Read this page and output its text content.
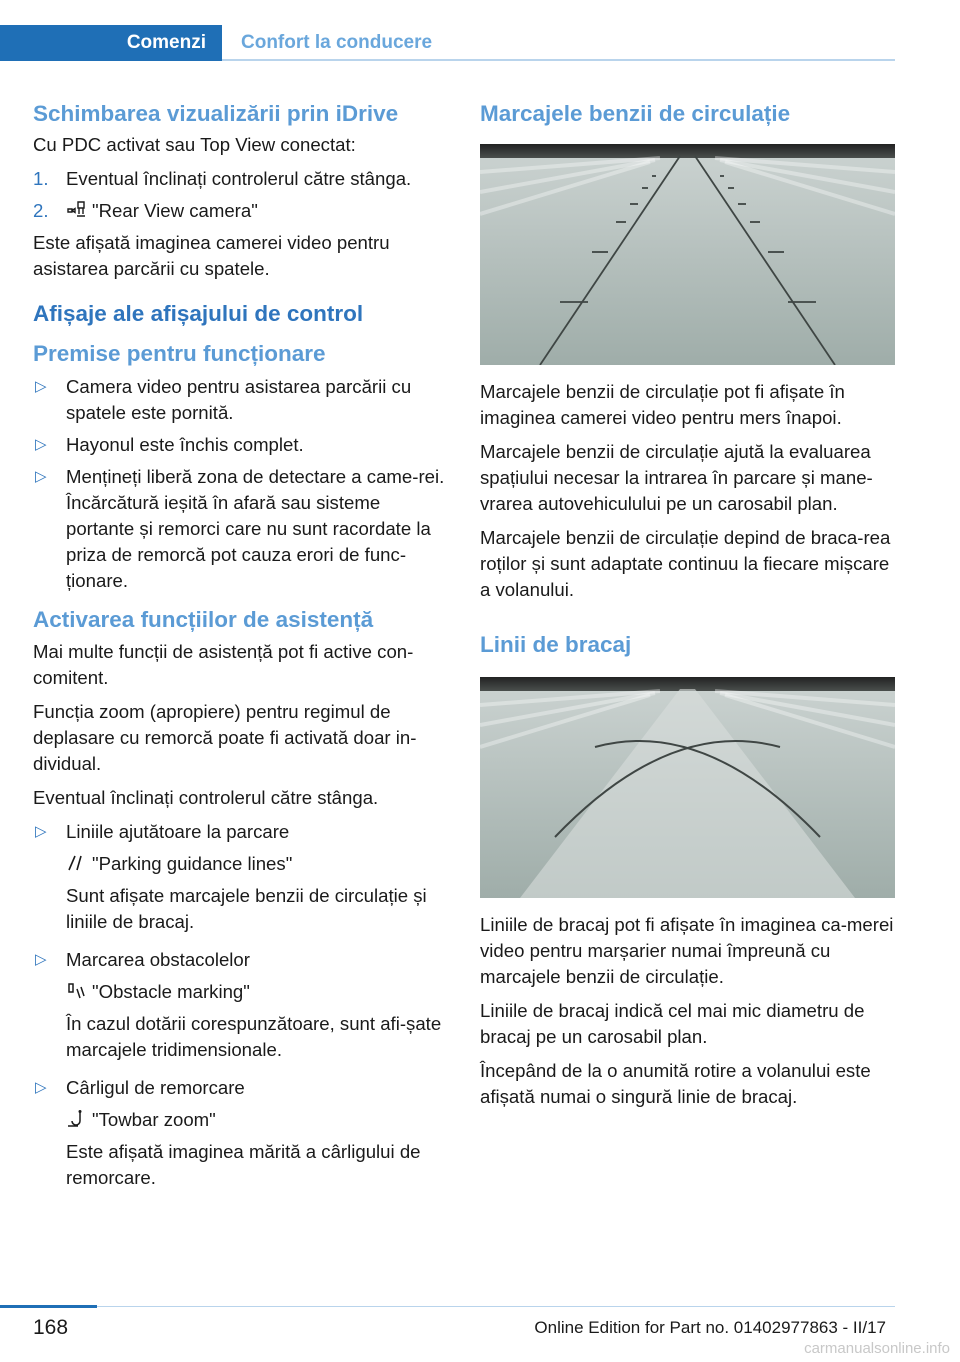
Comenzi	Confort la conducere
Schimbarea vizualizării prin iDrive

Cu PDC activat sau Top View conectat:

1. Eventual înclinați controlerul către stânga.
2. "Rear View camera"

Este afișată imaginea camerei video pentru asistarea parcării cu spatele.

Afișaje ale afișajului de control
Premise pentru funcționare
▷ Camera video pentru asistarea parcării cu spatele este pornită.
▷ Hayonul este închis complet.
▷ Mențineți liberă zona de detectare a came-rei. Încărcătură ieșită în afară sau sisteme portante și remorci care nu sunt racordate la priza de remorcă pot cauza erori de func-ționare.
Activarea funcțiilor de asistență

Mai multe funcții de asistență pot fi active con-comitent.

Funcția zoom (apropiere) pentru regimul de deplasare cu remorcă poate fi activată doar in-dividual.

Eventual înclinați controlerul către stânga.

▷ Liniile ajutătoare la parcare
"Parking guidance lines"
Sunt afișate marcajele benzii de circulație și liniile de bracaj.
▷ Marcarea obstacolelor
"Obstacle marking"
În cazul dotării corespunzătoare, sunt afi-șate marcajele tridimensionale.
▷ Cârligul de remorcare
"Towbar zoom"
Este afișată imaginea mărită a cârligului de remorcare.
Marcajele benzii de circulație

Marcajele benzii de circulație pot fi afișate în imaginea camerei video pentru mers înapoi.

Marcajele benzii de circulație ajută la evaluarea spațiului necesar la intrarea în parcare și mane-vrarea autovehiculului pe un carosabil plan.

Marcajele benzii de circulație depind de braca-rea roților și sunt adaptate continuu la fiecare mișcare a volanului.

Linii de bracaj

Liniile de bracaj pot fi afișate în imaginea ca-merei video pentru marșarier numai împreună cu marcajele benzii de circulație.

Liniile de bracaj indică cel mai mic diametru de bracaj pe un carosabil plan.

Începând de la o anumită rotire a volanului este afișată numai o singură linie de bracaj.

168	Online Edition for Part no. 01402977863 - II/17
carmanualsonline.info
